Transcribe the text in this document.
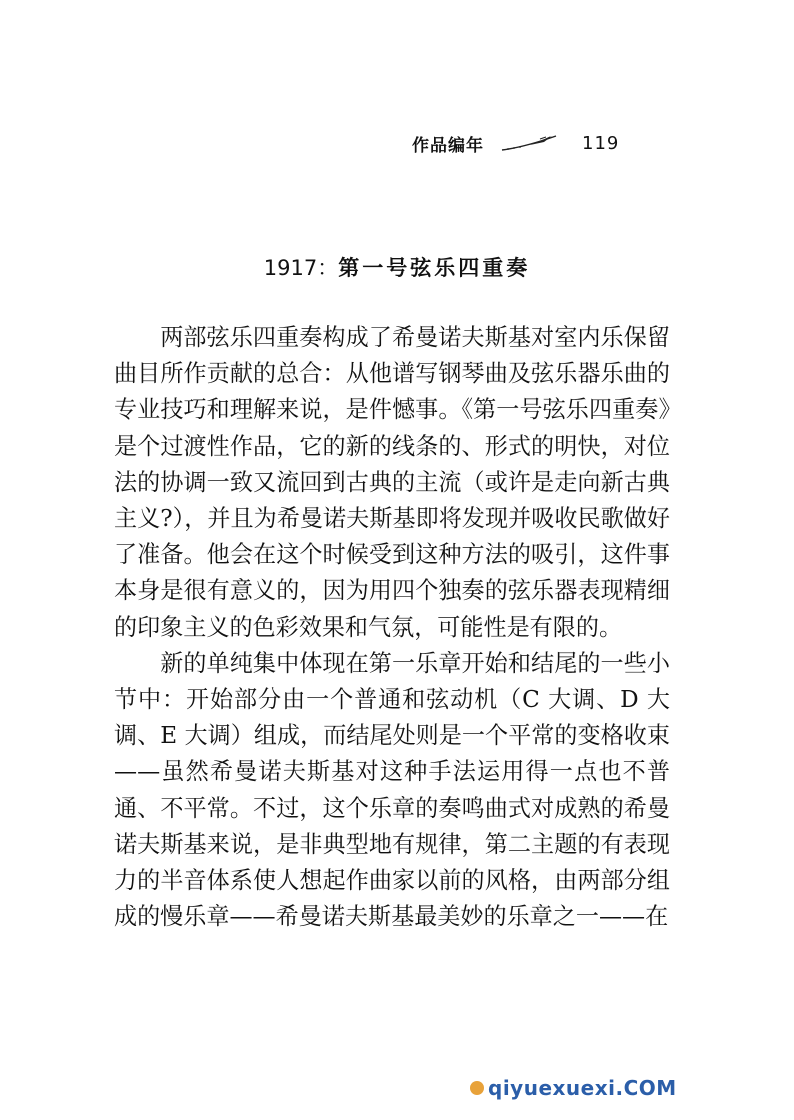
作品编年	119
1917：第一号弦乐四重奏

两部弦乐四重奏构成了希曼诺夫斯基对室内乐保留曲目所作贡献的总合：从他谱写钢琴曲及弦乐器乐曲的专业技巧和理解来说，是件憾事。《第一号弦乐四重奏》是个过渡性作品，它的新的线条的、形式的明快，对位法的协调一致又流回到古典的主流（或许是走向新古典主义?），并且为希曼诺夫斯基即将发现并吸收民歌做好了准备。他会在这个时候受到这种方法的吸引，这件事本身是很有意义的，因为用四个独奏的弦乐器表现精细的印象主义的色彩效果和气氛，可能性是有限的。

新的单纯集中体现在第一乐章开始和结尾的一些小节中：开始部分由一个普通和弦动机（C 大调、D 大调、E 大调）组成，而结尾处则是一个平常的变格收束——虽然希曼诺夫斯基对这种手法运用得一点也不普通、不平常。不过，这个乐章的奏鸣曲式对成熟的希曼诺夫斯基来说，是非典型地有规律，第二主题的有表现力的半音体系使人想起作曲家以前的风格，由两部分组成的慢乐章——希曼诺夫斯基最美妙的乐章之一——在

qiyuexuexi.COM
